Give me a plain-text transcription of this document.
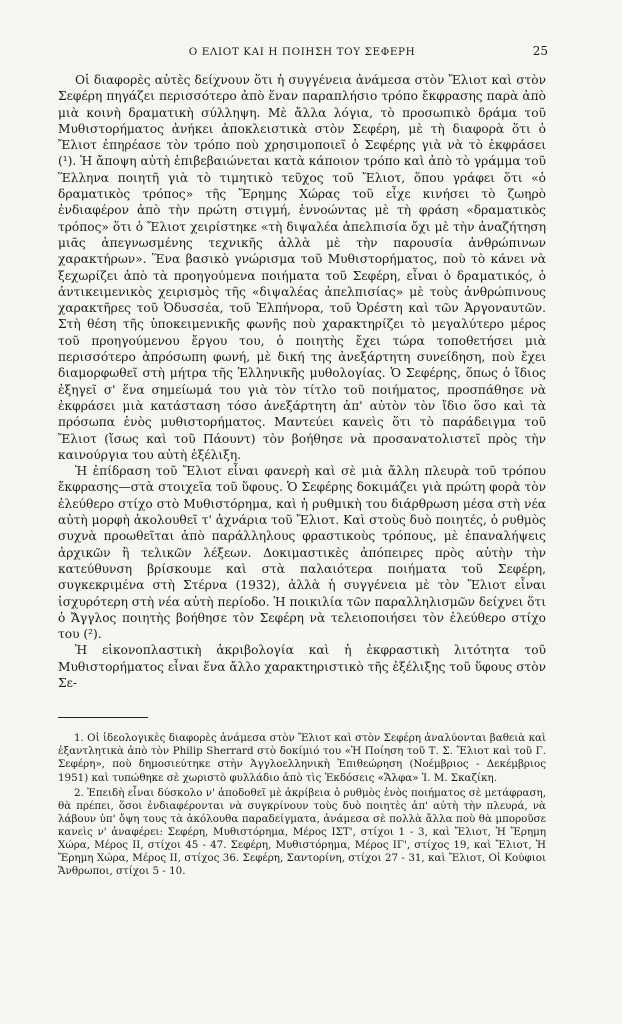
Ο ΕΛΙΟΤ ΚΑΙ Η ΠΟΙΗΣΗ ΤΟΥ ΣΕΦΕΡΗ	25

Οἱ διαφορὲς αὐτὲς δείχνουν ὅτι ἡ συγγένεια ἀνάμεσα στὸν Ἔλιοτ καὶ στὸν Σεφέρη πηγάζει περισσότερο ἀπὸ ἕναν παραπλήσιο τρόπο ἔκφρασης παρὰ ἀπὸ μιὰ κοινὴ δραματικὴ σύλληψη. Μὲ ἄλλα λόγια, τὸ προσωπικὸ δράμα τοῦ Μυθιστορήματος ἀνήκει ἀποκλειστικὰ στὸν Σεφέρη, μὲ τὴ διαφορὰ ὅτι ὁ Ἔλιοτ ἐπηρέασε τὸν τρόπο ποὺ χρησιμοποιεῖ ὁ Σεφέρης γιὰ νὰ τὸ ἐκφράσει (¹). Ἡ ἄποψη αὐτὴ ἐπιβεβαιώνεται κατὰ κάποιον τρόπο καὶ ἀπὸ τὸ γράμμα τοῦ Ἕλληνα ποιητῆ γιὰ τὸ τιμητικὸ τεῦχος τοῦ Ἔλιοτ, ὅπου γράφει ὅτι «ὁ δραματικὸς τρόπος» τῆς Ἔρημης Χώρας τοῦ εἶχε κινήσει τὸ ζωηρὸ ἐνδιαφέρον ἀπὸ τὴν πρώτη στιγμή, ἐννοώντας μὲ τὴ φράση «δραματικὸς τρόπος» ὅτι ὁ Ἔλιοτ χειρίστηκε «τὴ διψαλέα ἀπελπισία ὄχι μὲ τὴν ἀναζήτηση μιᾶς ἀπεγνωσμένης τεχνικῆς ἀλλὰ μὲ τὴν παρουσία ἀνθρώπινων χαρακτήρων». Ἕνα βασικὸ γνώρισμα τοῦ Μυθιστορήματος, ποὺ τὸ κάνει νὰ ξεχωρίζει ἀπὸ τὰ προηγούμενα ποιήματα τοῦ Σεφέρη, εἶναι ὁ δραματικός, ὁ ἀντικειμενικὸς χειρισμὸς τῆς «διψαλέας ἀπελπισίας» μὲ τοὺς ἀνθρώπινους χαρακτῆρες τοῦ Ὀδυσσέα, τοῦ Ἐλπήνορα, τοῦ Ὀρέστη καὶ τῶν Ἀργοναυτῶν. Στὴ θέση τῆς ὑποκειμενικῆς φωνῆς ποὺ χαρακτηρίζει τὸ μεγαλύτερο μέρος τοῦ προηγούμενου ἔργου του, ὁ ποιητὴς ἔχει τώρα τοποθετήσει μιὰ περισσότερο ἀπρόσωπη φωνή, μὲ δική της ἀνεξάρτητη συνείδηση, ποὺ ἔχει διαμορφωθεῖ στὴ μήτρα τῆς Ἑλληνικῆς μυθολογίας. Ὁ Σεφέρης, ὅπως ὁ ἴδιος ἐξηγεῖ σ' ἕνα σημείωμά του γιὰ τὸν τίτλο τοῦ ποιήματος, προσπάθησε νὰ ἐκφράσει μιὰ κατάσταση τόσο ἀνεξάρτητη ἀπ' αὐτὸν τὸν ἴδιο ὅσο καὶ τὰ πρόσωπα ἑνὸς μυθιστορήματος. Μαντεύει κανεὶς ὅτι τὸ παράδειγμα τοῦ Ἔλιοτ (ἴσως καὶ τοῦ Πάουντ) τὸν βοήθησε νὰ προσανατολιστεῖ πρὸς τὴν καινούργια του αὐτὴ ἐξέλιξη.

Ἡ ἐπίδραση τοῦ Ἔλιοτ εἶναι φανερὴ καὶ σὲ μιὰ ἄλλη πλευρὰ τοῦ τρόπου ἔκφρασης—στὰ στοιχεῖα τοῦ ὕφους. Ὁ Σεφέρης δοκιμάζει γιὰ πρώτη φορὰ τὸν ἐλεύθερο στίχο στὸ Μυθιστόρημα, καὶ ἡ ρυθμικὴ του διάρθρωση μέσα στὴ νέα αὐτὴ μορφὴ ἀκολουθεῖ τ' ἀχνάρια τοῦ Ἔλιοτ. Καὶ στοὺς δυὸ ποιητές, ὁ ρυθμὸς συχνὰ προωθεῖται ἀπὸ παράλληλους φραστικοὺς τρόπους, μὲ ἐπαναλήψεις ἀρχικῶν ἢ τελικῶν λέξεων. Δοκιμαστικὲς ἀπόπειρες πρὸς αὐτὴν τὴν κατεύθυνση βρίσκουμε καὶ στὰ παλαιότερα ποιήματα τοῦ Σεφέρη, συγκεκριμένα στὴ Στέρνα (1932), ἀλλὰ ἡ συγγένεια μὲ τὸν Ἔλιοτ εἶναι ἰσχυρότερη στὴ νέα αὐτὴ περίοδο. Ἡ ποικιλία τῶν παραλληλισμῶν δείχνει ὅτι ὁ Ἄγγλος ποιητὴς βοήθησε τὸν Σεφέρη νὰ τελειοποιήσει τὸν ἐλεύθερο στίχο του (²).

Ἡ εἰκονοπλαστικὴ ἀκριβολογία καὶ ἡ ἐκφραστικὴ λιτότητα τοῦ Μυθιστορήματος εἶναι ἕνα ἄλλο χαρακτηριστικὸ τῆς ἐξέλιξης τοῦ ὕφους στὸν Σε-

1. Οἱ ἰδεολογικὲς διαφορὲς ἀνάμεσα στὸν Ἔλιοτ καὶ στὸν Σεφέρη ἀναλύονται βαθειὰ καὶ ἐξαντλητικὰ ἀπὸ τὸν Philip Sherrard στὸ δοκίμιό του «Ἡ Ποίηση τοῦ Τ. Σ. Ἔλιοτ καὶ τοῦ Γ. Σεφέρη», ποὺ δημοσιεύτηκε στὴν Ἀγγλοελληνικὴ Ἐπιθεώρηση (Νοέμβριος - Δεκέμβριος 1951) καὶ τυπώθηκε σὲ χωριστὸ φυλλάδιο ἀπὸ τὶς Ἐκδόσεις «Ἄλφα» Ἰ. Μ. Σκαζίκη.

2. Ἐπειδὴ εἶναι δύσκολο ν' ἀποδοθεῖ μὲ ἀκρίβεια ὁ ρυθμὸς ἑνὸς ποιήματος σὲ μετάφραση, θὰ πρέπει, ὅσοι ἐνδιαφέρονται νὰ συγκρίνουν τοὺς δυὸ ποιητὲς ἀπ' αὐτὴ τὴν πλευρά, νὰ λάβουν ὑπ' ὄψη τους τὰ ἀκόλουθα παραδείγματα, ἀνάμεσα σὲ πολλὰ ἄλλα ποὺ θὰ μποροῦσε κανεὶς ν' ἀναφέρει: Σεφέρη, Μυθιστόρημα, Μέρος ΙΣΤ', στίχοι 1 - 3, καὶ Ἔλιοτ, Ἡ Ἔρημη Χώρα, Μέρος ΙΙ, στίχοι 45 - 47. Σεφέρη, Μυθιστόρημα, Μέρος ΙΓ', στίχος 19, καὶ Ἔλιοτ, Ἡ Ἔρημη Χώρα, Μέρος ΙΙ, στίχος 36. Σεφέρη, Σαντορίνη, στίχοι 27 - 31, καὶ Ἔλιοτ, Οἱ Κούφιοι Ἄνθρωποι, στίχοι 5 - 10.
